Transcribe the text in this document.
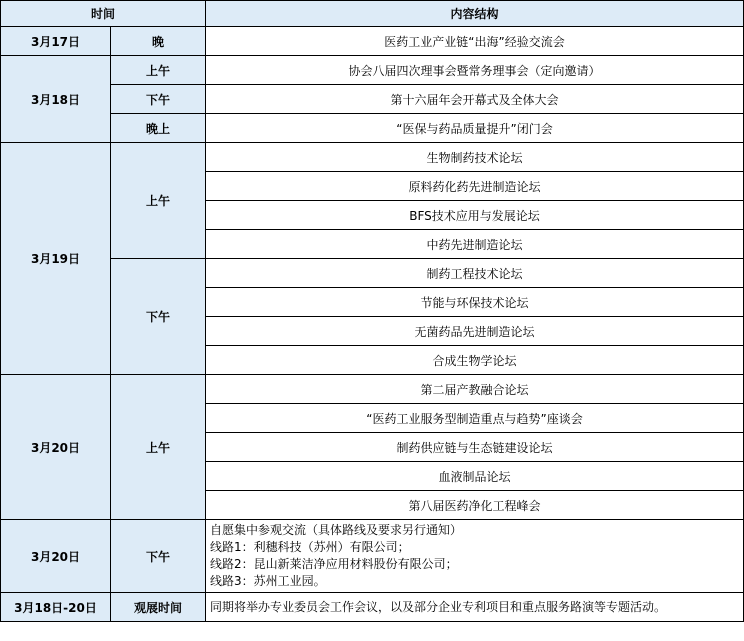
时间		内容结构
3月17日	晚	医药工业产业链“出海”经验交流会
3月18日	上午	协会八届四次理事会暨常务理事会（定向邀请）
	下午	第十六届年会开幕式及全体大会
	晚上	“医保与药品质量提升”闭门会
3月19日	上午	生物制药技术论坛
		原料药化药先进制造论坛
		BFS技术应用与发展论坛
		中药先进制造论坛
	下午	制药工程技术论坛
		节能与环保技术论坛
		无菌药品先进制造论坛
		合成生物学论坛
3月20日	上午	第二届产教融合论坛
		“医药工业服务型制造重点与趋势”座谈会
		制药供应链与生态链建设论坛
		血液制品论坛
		第八届医药净化工程峰会
3月20日	下午	自愿集中参观交流（具体路线及要求另行通知）
线路1：利穗科技（苏州）有限公司；
线路2：昆山新莱洁净应用材料股份有限公司；
线路3：苏州工业园。

3月18日-20日	观展时间	同期将举办专业委员会工作会议，以及部分企业专利项目和重点服务路演等专题活动。
